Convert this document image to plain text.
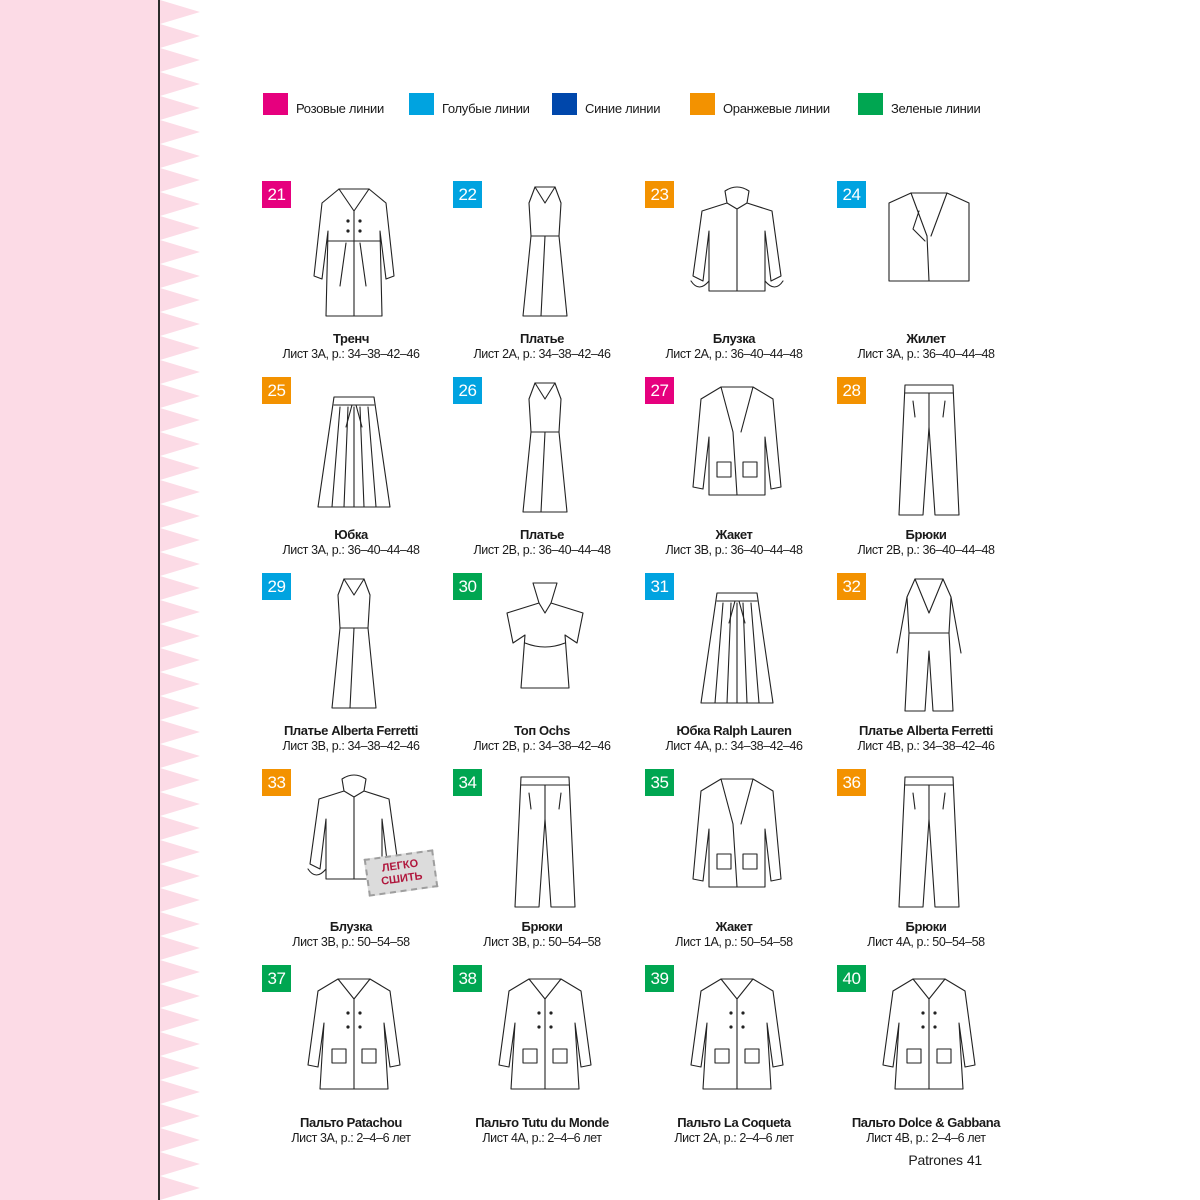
Розовые линии	Голубые линии	Синие линии	Оранжевые линии	Зеленые линии
21
Тренч
Лист 3А, р.: 34–38–42–46
22
Платье
Лист 2А, р.: 34–38–42–46
23
Блузка
Лист 2А, р.: 36–40–44–48
24
Жилет
Лист 3А, р.: 36–40–44–48
25
Юбка
Лист 3А, р.: 36–40–44–48
26
Платье
Лист 2В, р.: 36–40–44–48
27
Жакет
Лист 3В, р.: 36–40–44–48
28
Брюки
Лист 2В, р.: 36–40–44–48
29
Платье Alberta Ferretti
Лист 3В, р.: 34–38–42–46
30
Топ Ochs
Лист 2В, р.: 34–38–42–46
31
Юбка Ralph Lauren
Лист 4А, р.: 34–38–42–46
32
Платье Alberta Ferretti
Лист 4В, р.: 34–38–42–46
33
Блузка
Лист 3В, р.: 50–54–58
ЛЕГКО
СШИТЬ
34
Брюки
Лист 3В, р.: 50–54–58
35
Жакет
Лист 1А, р.: 50–54–58
36
Брюки
Лист 4А, р.: 50–54–58
37
Пальто Patachou
Лист 3А, р.: 2–4–6 лет
38
Пальто Tutu du Monde
Лист 4А, р.: 2–4–6 лет
39
Пальто La Coqueta
Лист 2А, р.: 2–4–6 лет
40
Пальто Dolce & Gabbana
Лист 4В, р.: 2–4–6 лет
Patrones 41
